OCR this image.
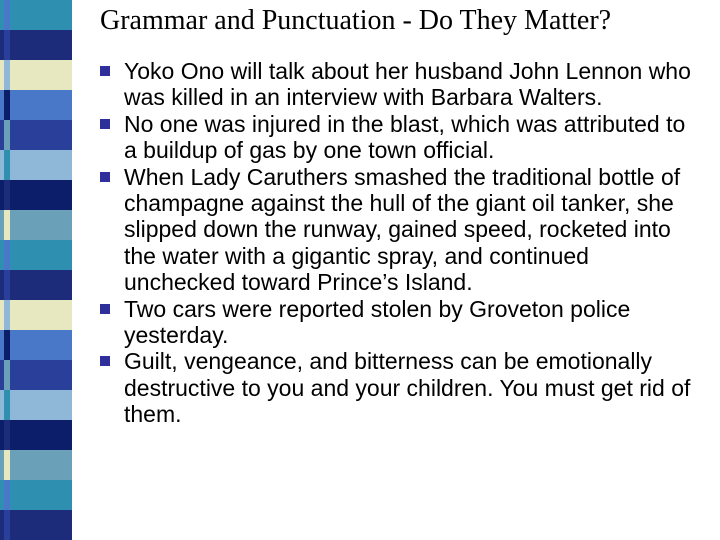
Grammar and Punctuation - Do They Matter?
Yoko Ono will talk about her husband John Lennon who was killed in an interview with Barbara Walters.
No one was injured in the blast, which was attributed to a buildup of gas by one town official.
When Lady Caruthers smashed the traditional bottle of champagne against the hull of the giant oil tanker, she slipped down the runway, gained speed, rocketed into the water with a gigantic spray, and continued unchecked toward Prince’s Island.
Two cars were reported stolen by Groveton police yesterday.
Guilt, vengeance, and bitterness can be emotionally destructive to you and your children. You must get rid of them.
